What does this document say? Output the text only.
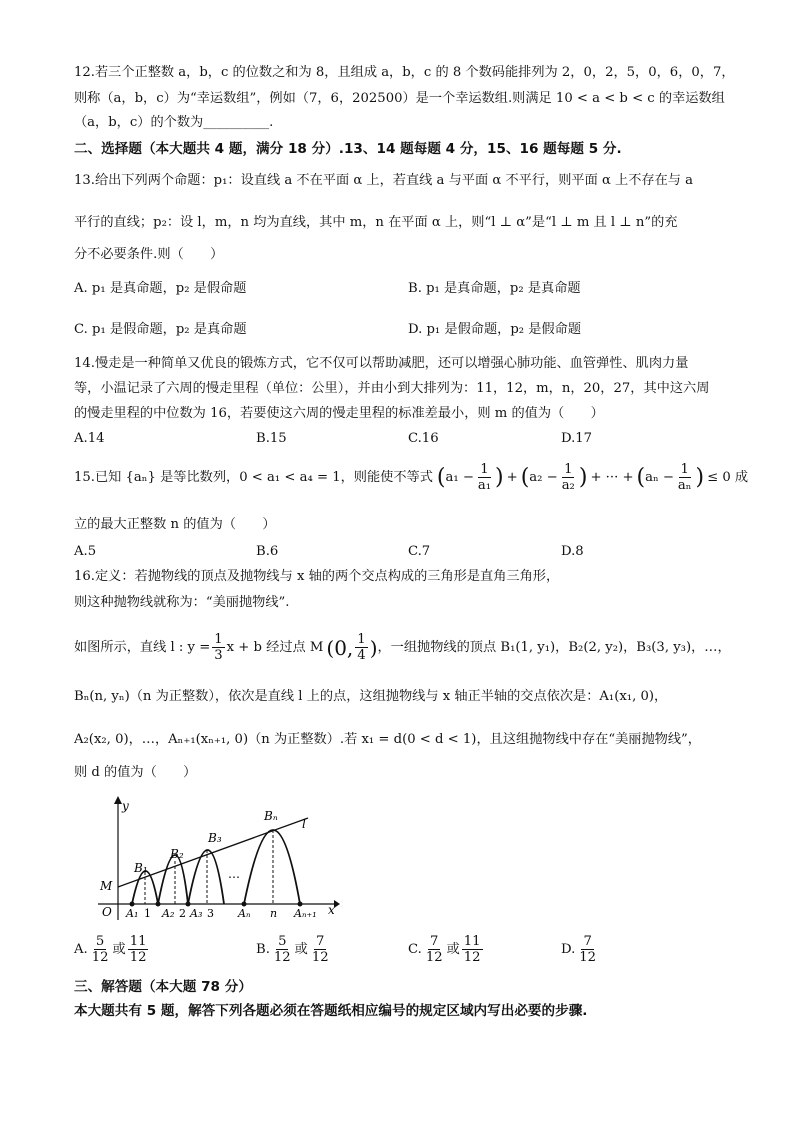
12.若三个正整数 a，b，c 的位数之和为 8，且组成 a，b，c 的 8 个数码能排列为 2，0，2，5，0，6，0，7，
则称（a，b，c）为“幸运数组”，例如（7，6，202500）是一个幸运数组.则满足 10 < a < b < c 的幸运数组
（a，b，c）的个数为__________.
二、选择题（本大题共 4 题，满分 18 分）.13、14 题每题 4 分，15、16 题每题 5 分.
13.给出下列两个命题：p₁：设直线 a 不在平面 α 上，若直线 a 与平面 α 不平行，则平面 α 上不存在与 a
平行的直线；p₂：设 l，m，n 均为直线，其中 m，n 在平面 α 上，则“l ⊥ α”是“l ⊥ m 且 l ⊥ n”的充
分不必要条件.则（　　）
A. p₁ 是真命题，p₂ 是假命题	B. p₁ 是真命题，p₂ 是真命题
C. p₁ 是假命题，p₂ 是真命题	D. p₁ 是假命题，p₂ 是假命题
14.慢走是一种简单又优良的锻炼方式，它不仅可以帮助减肥，还可以增强心肺功能、血管弹性、肌肉力量
等，小温记录了六周的慢走里程（单位：公里），并由小到大排列为：11，12，m，n，20，27，其中这六周
的慢走里程的中位数为 16，若要使这六周的慢走里程的标准差最小，则 m 的值为（　　）
A.14	B.15	C.16	D.17
15.已知 {aₙ} 是等比数列，0 < a₁ < a₄ = 1，则能使不等式 ( $a_1 - \frac{1}{\text{a₁}}$ ) + ( $a_2 - \frac{1}{\text{a₂}}$ ) + ··· + ( $a_n - \frac{1}{\text{aₙ}}$ ) ≤ 0 成
立的最大正整数 n 的值为（　　）
A.5	B.6	C.7	D.8
16.定义：若抛物线的顶点及抛物线与 x 轴的两个交点构成的三角形是直角三角形，
则这种抛物线就称为：“美丽抛物线”.
如图所示，直线 l : $y = \frac{1}{3}$ x + b 经过点 M (0, $\frac{1}{4}$ ) ，一组抛物线的顶点 B₁(1, y₁)，B₂(2, y₂)，B₃(3, y₃)，…，
Bₙ(n, yₙ)（n 为正整数），依次是直线 l 上的点，这组抛物线与 x 轴正半轴的交点依次是：A₁(x₁, 0)，
A₂(x₂, 0)，…，Aₙ₊₁(xₙ₊₁, 0)（n 为正整数）.若 x₁ = d(0 < d < 1)，且这组抛物线中存在“美丽抛物线”，
则 d 的值为（　　）
y
x
O
M
l
B₁
B₂
B₃
Bₙ
…
A₁ 1 A₂ 2 A₃ 3 Aₙ n Aₙ₊₁
A. $\frac{5}{12}$ 或 $\frac{11}{12}$	B. $\frac{5}{12}$ 或 $\frac{7}{12}$	C. $\frac{7}{12}$ 或 $\frac{11}{12}$	D. $\frac{7}{12}$
三、解答题（本大题 78 分）
本大题共有 5 题，解答下列各题必须在答题纸相应编号的规定区域内写出必要的步骤.
